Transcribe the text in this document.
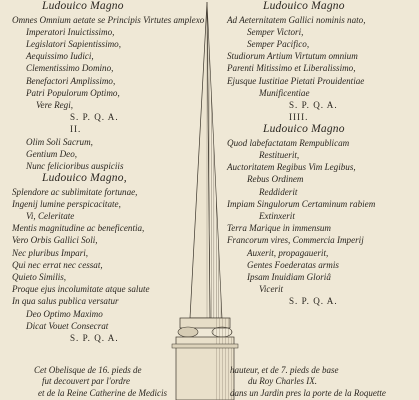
Ludouico Magno
Omnes Omnium aetate se Principis Virtutes amplexo
Imperatori Inuictissimo,
Legislatori Sapientissimo,
Aequissimo Iudici,
Clementissimo Domino,
Benefactori Amplissimo,
Patri Populorum Optimo,
Vere Regi,
S. P. Q. A.
II.
Olim Soli Sacrum,
Gentium Deo,
Nunc felicioribus auspiciis
Ludouico Magno,
Splendore ac sublimitate fortunae,
Ingenij lumine perspicacitate,
Vi, Celeritate
Mentis magnitudine ac beneficentia,
Vero Orbis Gallici Soli,
Nec pluribus Impari,
Qui nec errat nec cessat,
Quieto Similis,
Proque ejus incolumitate atque salute
In qua salus publica versatur
Deo Optimo Maximo
Dicat Vouet Consecrat
S. P. Q. A.
Ludouico Magno
Ad Aeternitatem Gallici nominis nato,
Semper Victori,
Semper Pacifico,
Studiorum Artium Virtutum omnium
Parenti Mitissimo et Liberalissimo,
Ejusque Iustitiae Pietati Prouidentiae
Munificentiae
S. P. Q. A.
IIII.
Ludouico Magno
Quod labefactatam Rempublicam
Restituerit,
Auctoritatem Regibus Vim Legibus,
Rebus Ordinem
Reddiderit
Impiam Singulorum Certaminum rabiem
Extinxerit
Terra Marique in immensum
Francorum vires, Commercia Imperij
Auxerit, propagauerit,
Gentes Foederatas armis
Ipsam Inuidiam Gloriâ
Vicerit
S. P. Q. A.
Cet Obelisque de 16. pieds de
fut decouvert par l'ordre
et de la Reine Catherine de Medicis
hauteur, et de 7. pieds de base
du Roy Charles IX.
dans un Jardin pres la porte de la Roquette
